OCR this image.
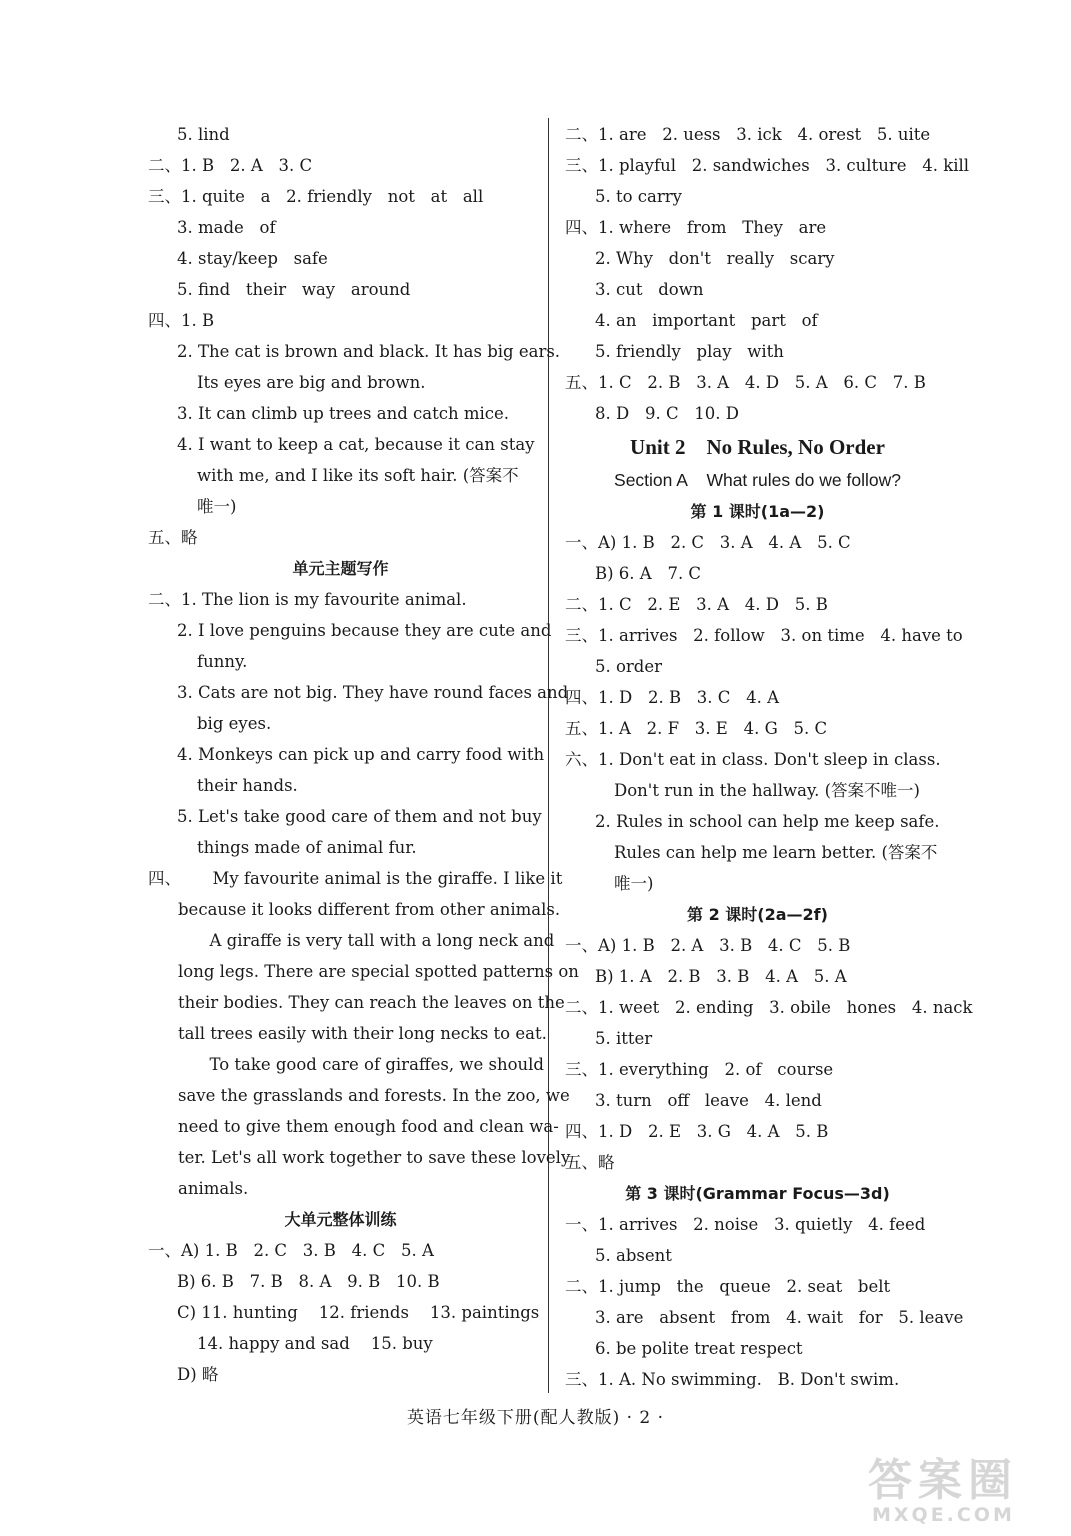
5. lind
二、1. B   2. A   3. C
三、1. quite   a   2. friendly   not   at   all
3. made   of
4. stay/keep   safe
5. find   their   way   around
四、1. B
2. The cat is brown and black. It has big ears.
Its eyes are big and brown.
3. It can climb up trees and catch mice.
4. I want to keep a cat, because it can stay
with me, and I like its soft hair. (答案不
唯一)
五、略
单元主题写作
二、1. The lion is my favourite animal.
2. I love penguins because they are cute and
funny.
3. Cats are not big. They have round faces and
big eyes.
4. Monkeys can pick up and carry food with
their hands.
5. Let's take good care of them and not buy
things made of animal fur.
四、      My favourite animal is the giraffe. I like it
because it looks different from other animals.
A giraffe is very tall with a long neck and
long legs. There are special spotted patterns on
their bodies. They can reach the leaves on the
tall trees easily with their long necks to eat.
To take good care of giraffes, we should
save the grasslands and forests. In the zoo, we
need to give them enough food and clean wa-
ter. Let's all work together to save these lovely
animals.
大单元整体训练
一、A) 1. B   2. C   3. B   4. C   5. A
B) 6. B   7. B   8. A   9. B   10. B
C) 11. hunting    12. friends    13. paintings
14. happy and sad    15. buy
D) 略
二、1. are   2. uess   3. ick   4. orest   5. uite
三、1. playful   2. sandwiches   3. culture   4. kill
5. to carry
四、1. where   from   They   are
2. Why   don't   really   scary
3. cut   down
4. an   important   part   of
5. friendly   play   with
五、1. C   2. B   3. A   4. D   5. A   6. C   7. B
8. D   9. C   10. D
Unit 2    No Rules, No Order
Section A    What rules do we follow?
第 1 课时(1a—2)
一、A) 1. B   2. C   3. A   4. A   5. C
B) 6. A   7. C
二、1. C   2. E   3. A   4. D   5. B
三、1. arrives   2. follow   3. on time   4. have to
5. order
四、1. D   2. B   3. C   4. A
五、1. A   2. F   3. E   4. G   5. C
六、1. Don't eat in class. Don't sleep in class.
Don't run in the hallway. (答案不唯一)
2. Rules in school can help me keep safe.
Rules can help me learn better. (答案不
唯一)
第 2 课时(2a—2f)
一、A) 1. B   2. A   3. B   4. C   5. B
B) 1. A   2. B   3. B   4. A   5. A
二、1. weet   2. ending   3. obile   hones   4. nack
5. itter
三、1. everything   2. of   course
3. turn   off   leave   4. lend
四、1. D   2. E   3. G   4. A   5. B
五、略
第 3 课时(Grammar Focus—3d)
一、1. arrives   2. noise   3. quietly   4. feed
5. absent
二、1. jump   the   queue   2. seat   belt
3. are   absent   from   4. wait   for   5. leave
6. be polite treat respect
三、1. A. No swimming.   B. Don't swim.
英语七年级下册(配人教版) · 2 ·
答案圈
MXQE.COM
